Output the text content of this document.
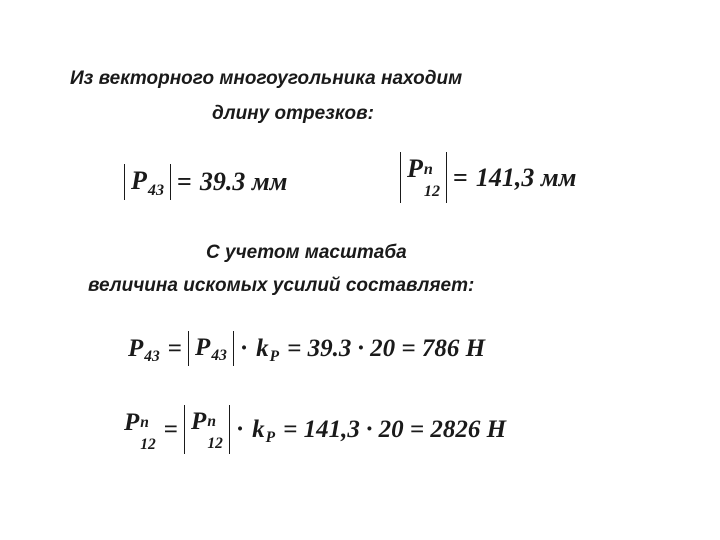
Из векторного многоугольника находим
длину отрезков:
P 43 = 39.3 мм	P n
12
= 141,3 мм
С учетом масштаба
величина искомых усилий составляет:
P 43 = P 43 · k P = 39.3 · 20 = 786 Н
P n
12
= P n
12
· k P = 141,3 · 20 = 2826 Н
